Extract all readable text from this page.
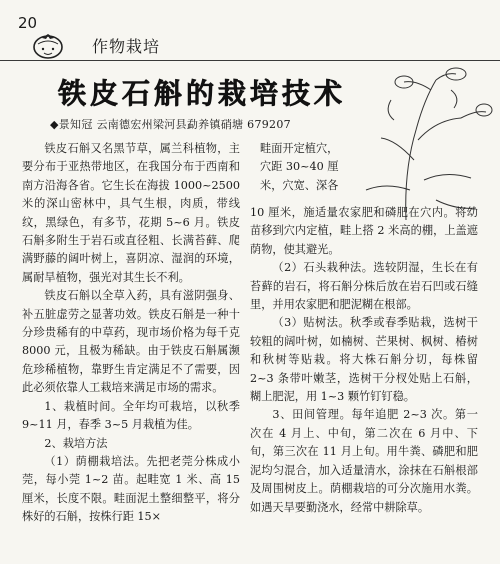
20
作物栽培
铁皮石斛的栽培技术
◆景知冠 云南德宏州梁河县勐养镇硝塘 679207

铁皮石斛又名黑节草，属兰科植物，主要分布于亚热带地区，在我国分布于西南和南方沿海各省。它生长在海拔 1000~2500 米的深山密林中，具气生根，肉质，带线纹，黑绿色，有多节，花期 5~6 月。铁皮石斛多附生于岩石或直径粗、长满苔藓、爬满野藤的阔叶树上，喜阴凉、湿润的环境，属耐旱植物，强光对其生长不利。

铁皮石斛以全草入药，具有滋阴强身、补五脏虚劳之显著功效。铁皮石斛是一种十分珍贵稀有的中草药，现市场价格为每千克 8000 元，且极为稀缺。由于铁皮石斛属濒危珍稀植物，靠野生肯定满足不了需要，因此必须依靠人工栽培来满足市场的需求。

1、栽植时间。全年均可栽培，以秋季 9~11 月，春季 3~5 月栽植为佳。

2、栽培方法

（1）荫棚栽培法。先把老莞分株成小莞，每小莞 1~2 苗。起畦宽 1 米、高 15 厘米，长度不限。畦面泥土整细整平，将分株好的石斛，按株行距 15×

畦面开定植穴，

穴距 30~40 厘

米，穴宽、深各

10 厘米，施适量农家肥和磷肥在穴内。将幼苗移到穴内定植，畦上搭 2 米高的棚，上盖遮荫物，使其避光。

（2）石头栽种法。选较阴湿，生长在有苔藓的岩石，将石斛分株后放在岩石凹或石缝里，并用农家肥和肥泥糊在根部。

（3）贴树法。秋季或春季贴栽，选树干较粗的阔叶树，如楠树、芒果树、枫树、椿树和秋树等贴栽。将大株石斛分切，每株留 2~3 条带叶嫩茎，选树干分杈处贴上石斛，糊上肥泥，用 1~3 颗竹钉钉稳。

3、田间管理。每年追肥 2~3 次。第一次在 4 月上、中旬，第二次在 6 月中、下旬，第三次在 11 月上旬。用牛粪、磷肥和肥泥均匀混合，加入适量清水，涂抹在石斛根部及周围树皮上。荫棚栽培的可分次施用水粪。如遇天旱要勤浇水，经常中耕除草。
